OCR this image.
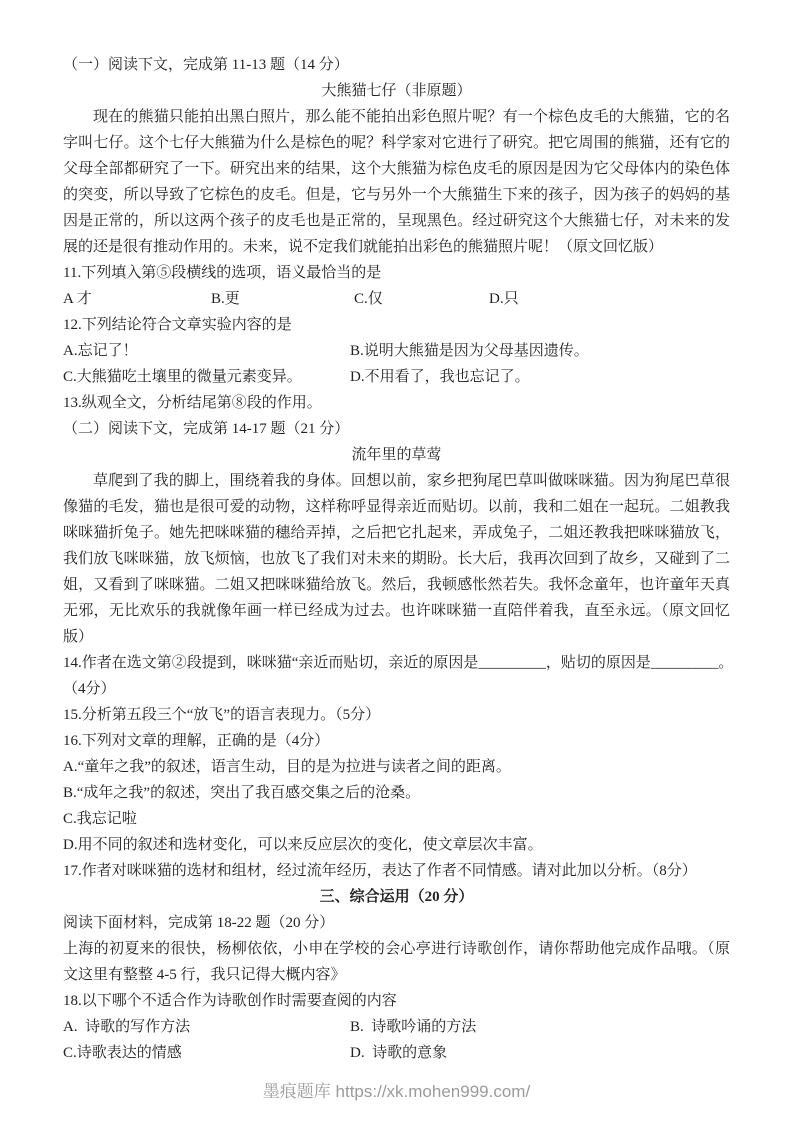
（一）阅读下文，完成第 11-13 题（14 分）
大熊猫七仔（非原题）
现在的熊猫只能拍出黑白照片，那么能不能拍出彩色照片呢？有一个棕色皮毛的大熊猫，它的名字叫七仔。这个七仔大熊猫为什么是棕色的呢？科学家对它进行了研究。把它周围的熊猫，还有它的父母全部都研究了一下。研究出来的结果，这个大熊猫为棕色皮毛的原因是因为它父母体内的染色体的突变，所以导致了它棕色的皮毛。但是，它与另外一个大熊猫生下来的孩子，因为孩子的妈妈的基因是正常的，所以这两个孩子的皮毛也是正常的，呈现黑色。经过研究这个大熊猫七仔，对未来的发展的还是很有推动作用的。未来，说不定我们就能拍出彩色的熊猫照片呢！（原文回忆版）
11.下列填入第⑤段横线的选项，语义最恰当的是
A 才	B.更	C.仅	D.只
12.下列结论符合文章实验内容的是
A.忘记了！	B.说明大熊猫是因为父母基因遗传。
C.大熊猫吃土壤里的微量元素变异。	D.不用看了，我也忘记了。
13.纵观全文，分析结尾第⑧段的作用。
（二）阅读下文，完成第 14-17 题（21 分）
流年里的草莺
草爬到了我的脚上，围绕着我的身体。回想以前，家乡把狗尾巴草叫做咪咪猫。因为狗尾巴草很像猫的毛发，猫也是很可爱的动物，这样称呼显得亲近而贴切。以前，我和二姐在一起玩。二姐教我咪咪猫折兔子。她先把咪咪猫的穗给弄掉，之后把它扎起来，弄成兔子，二姐还教我把咪咪猫放飞，我们放飞咪咪猫，放飞烦恼，也放飞了我们对未来的期盼。长大后，我再次回到了故乡，又碰到了二姐，又看到了咪咪猫。二姐又把咪咪猫给放飞。然后，我顿感怅然若失。我怀念童年，也许童年天真无邪，无比欢乐的我就像年画一样已经成为过去。也许咪咪猫一直陪伴着我，直至永远。（原文回忆版）
14.作者在选文第②段提到，咪咪猫“亲近而贴切，亲近的原因是_________，贴切的原因是_________。
（4分）
15.分析第五段三个“放飞”的语言表现力。（5分）
16.下列对文章的理解，正确的是（4分）
A.“童年之我”的叙述，语言生动，目的是为拉进与读者之间的距离。
B.“成年之我”的叙述，突出了我百感交集之后的沧桑。
C.我忘记啦
D.用不同的叙述和选材变化，可以来反应层次的变化，使文章层次丰富。
17.作者对咪咪猫的选材和组材，经过流年经历，表达了作者不同情感。请对此加以分析。（8分）
三、综合运用（20 分）
阅读下面材料，完成第 18-22 题（20 分）
上海的初夏来的很快，杨柳依依，小申在学校的会心亭进行诗歌创作，请你帮助他完成作品哦。（原文这里有整整 4-5 行，我只记得大概内容》
18.以下哪个不适合作为诗歌创作时需要查阅的内容
A.  诗歌的写作方法	B.  诗歌吟诵的方法
C.诗歌表达的情感	D.  诗歌的意象
墨痕题库 https://xk.mohen999.com/
